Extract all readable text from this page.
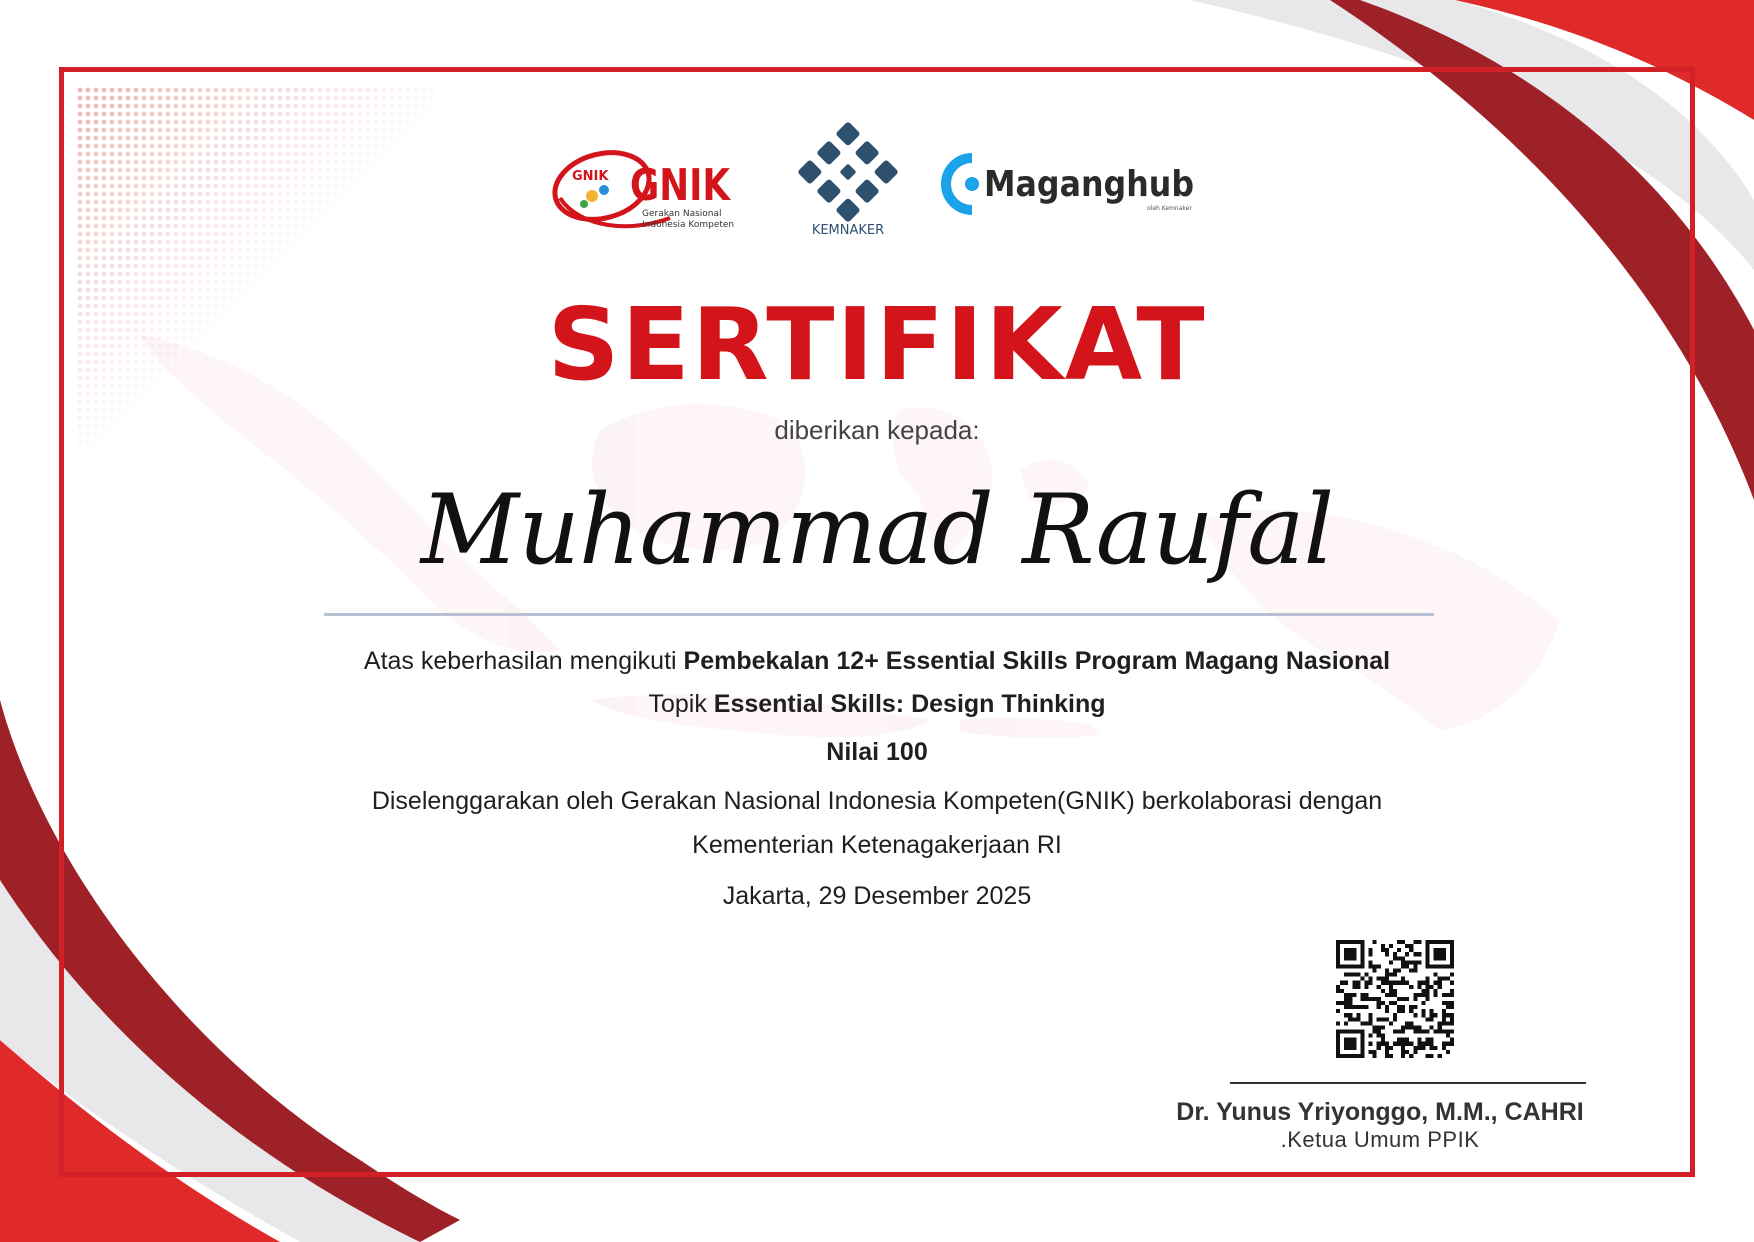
GNIK GNIK
Gerakan Nasional
Indonesia Kompeten	KEMNAKER
Maganghub
oleh Kemnaker
SERTIFIKAT
diberikan kepada:
Muhammad Raufal
Atas keberhasilan mengikuti Pembekalan 12+ Essential Skills Program Magang Nasional
Topik Essential Skills: Design Thinking
Nilai 100
Diselenggarakan oleh Gerakan Nasional Indonesia Kompeten(GNIK) berkolaborasi dengan
Kementerian Ketenagakerjaan RI
Jakarta, 29 Desember 2025
Dr. Yunus Yriyonggo, M.M., CAHRI
.Ketua Umum PPIK
